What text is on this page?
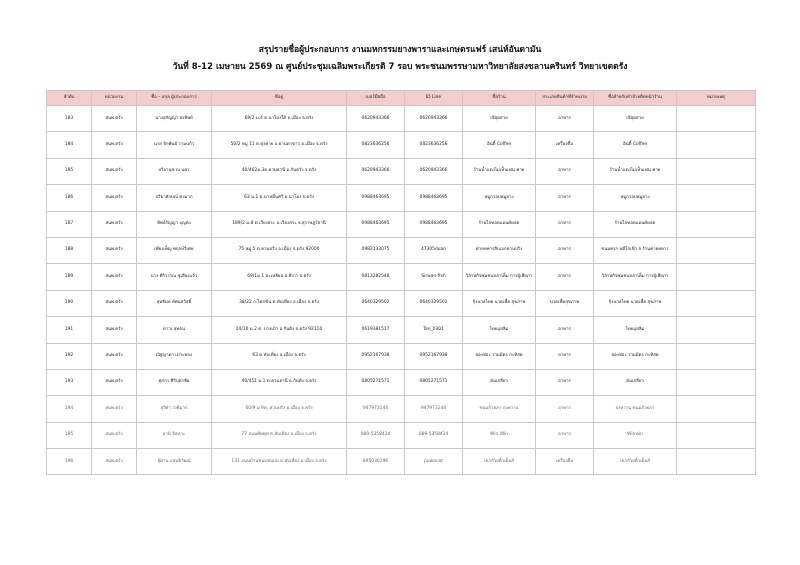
สรุปรายชื่อผู้ประกอบการ งานมหกรรมยางพาราและเกษตรแฟร์ เสน่ห์อันดามัน
วันที่ 8-12 เมษายน 2569 ณ ศูนย์ประชุมเฉลิมพระเกียรติ 7 รอบ พระชนมพรรษามหาวิทยาลัยสงขลานครินทร์ วิทยาเขตตรัง
ลำดับ	หน่วยงาน	ชื่อ – สกุล ผู้ประกอบการ	ที่อยู่	เบอร์มือถือ	ID Line	ชื่อร้าน	ประเภทสินค้าที่จำหน่าย	ชื่อสำหรับทำป้ายติดหน้าร้าน	หมายเหตุ
183	สนพ.ตรัง	นางสุกัญญา สงทิพย์	69/2 ม.4 ต.นาโยงใต้ อ.เมือง จ.ตรัง	0620943366	0620943366	เจ๊สุดสวย	อาหาร	เจ๊สุดสวย	
184	สนพ.ตรัง	นาย จักพันธ์ รามแก้ว	50/2 หมู่ 11 ต.ทุ่งค่าย อ.ย่านตาขาว อ.เมือง จ.ตรัง	0823636256	0823636256	อินดี้ Coffee	เครื่องดื่ม	อินดี้ Coffee	
185	สนพ.ตรัง	ปริยานุช ณ นคร	40/462ม.3ต.ควนธานี อ.กันตรัง จ.ตรัง	0620943366	0620943366	ร้านน้ำแดงไม่เห็นเฟน ฟาย	อาหาร	ร้านน้ำแดงไม่เห็นเฟน ฟาย	
186	สนพ.ตรัง	ปริยาลักษณ์ คงมาก	63 ม.1 ต.นาหมื่นศรี อ.นาโยง จ.ตรัง	0988463695	0988463695	หมูกรอบหมูย่าง	อาหาร	หมูกรอบหมูย่าง	
187	สนพ.ตรัง	ทิพย์รัญญา บุญคง	189/2 ม.8 ต.เวียงสระ อ.เวียงสระ จ.สุราษฎร์ธานี	0988463695	0988463695	ร้านไก่ทอดแอนด์ทอด	อาหาร	ร้านไก่ทอดแอนด์ทอด	
188	สนพ.ตรัง	เพียงเพ็ญ พฤกษ์วิเศษ	75 หมู่ 5 ต.ควนปริง อ.เมือง จ.ตรัง 92000	0982133075	47305duan	ค่ายทหารสิบเอกควนปริง	อาหาร	ขนมครก หมีไก่เจ๊ก ส ร้านค่ายทหาร	
189	สนพ.ตรัง	นาง ศิริวรรณ ชูเสียงแจ้ว	69/1ม 1 ปะเหลียน อ.สิเกา จ.ตรัง	0813282548	Sirwan-fish	วิสาหกิจชุมชนปลาเค็ม การผู้เสียภา	อาหาร	วิสาหกิจชุมชนปลาเค็ม การผู้เสียภา	
190	สนพ.ตรัง	สุทธิมล ทัศนสวัสดิ์	38/22 ถ.โคกขัน ต.ทับเที่ยง อ.เมือง จ.ตรัง	0640329502	0640329502	กุ้งนวลไทย นวดเพื่อ สุขภาพ	นวดเพื่อสุขภาพ	กุ้งนวลไทย นวดเพื่อ สุขภาพ	
191	สนพ.ตรัง	ดาวเ สุทธน	24/10 ม.2 ต. บางเป้า อ.กันตัง จ.ตรัง 92110	0619381517	Tan_0301	ไทยมุสลิม	อาหาร	ไทยมุสลิม	
192	สนพ.ตรัง	ณัฐญาดา เปาะทอง	63 ต.ทับเที่ยง อ.เมือง จ.ตรัง	0952167938	0952167938	ลองช่อง รวมมิตร กะทิสด	อาหาร	ลองช่อง รวมมิตร กะทิสด	
193	สนพ.ตรัง	ศุภกร ศิริบุตรชัย	40/451 ม.1 ต.ควนธานี อ.กันตัง จ.ตรัง	0805271571	0805271571	มันเกลียว	อาหาร	มันเกลียว	
194	สนพ.ตรัง	สุวิศา วงศ์มาก	60/9 ม.9ต. ควนปริง อ.เมือง จ.ตรัง	947973144	947973144	ขนมถ้วยภา ถุงหวาน	อาหาร	ถุงหวาน ขนมถ้วยภา	
195	สนพ.ตรัง	อานิ อิสหาะ	77 ถนนทัพพุท ต.ทับเที่ยง อ.เมือง จ.ตรัง	089-5358434	089-5358434	Win Win	อาหาร	Winwin	
196	สนพ.ตรัง	อุ๊ดาน แสนปิวัฒน์	131 ถนนบ้านขนบชนบท ต.ทับเที่ยง อ.เมือง จ.ตรัง	895030196	puwanat	เฉาก๊วยคิ้วเย็นส์	เครื่องดื่ม	เฉาก๊วยคิ้วเย็นส์	
